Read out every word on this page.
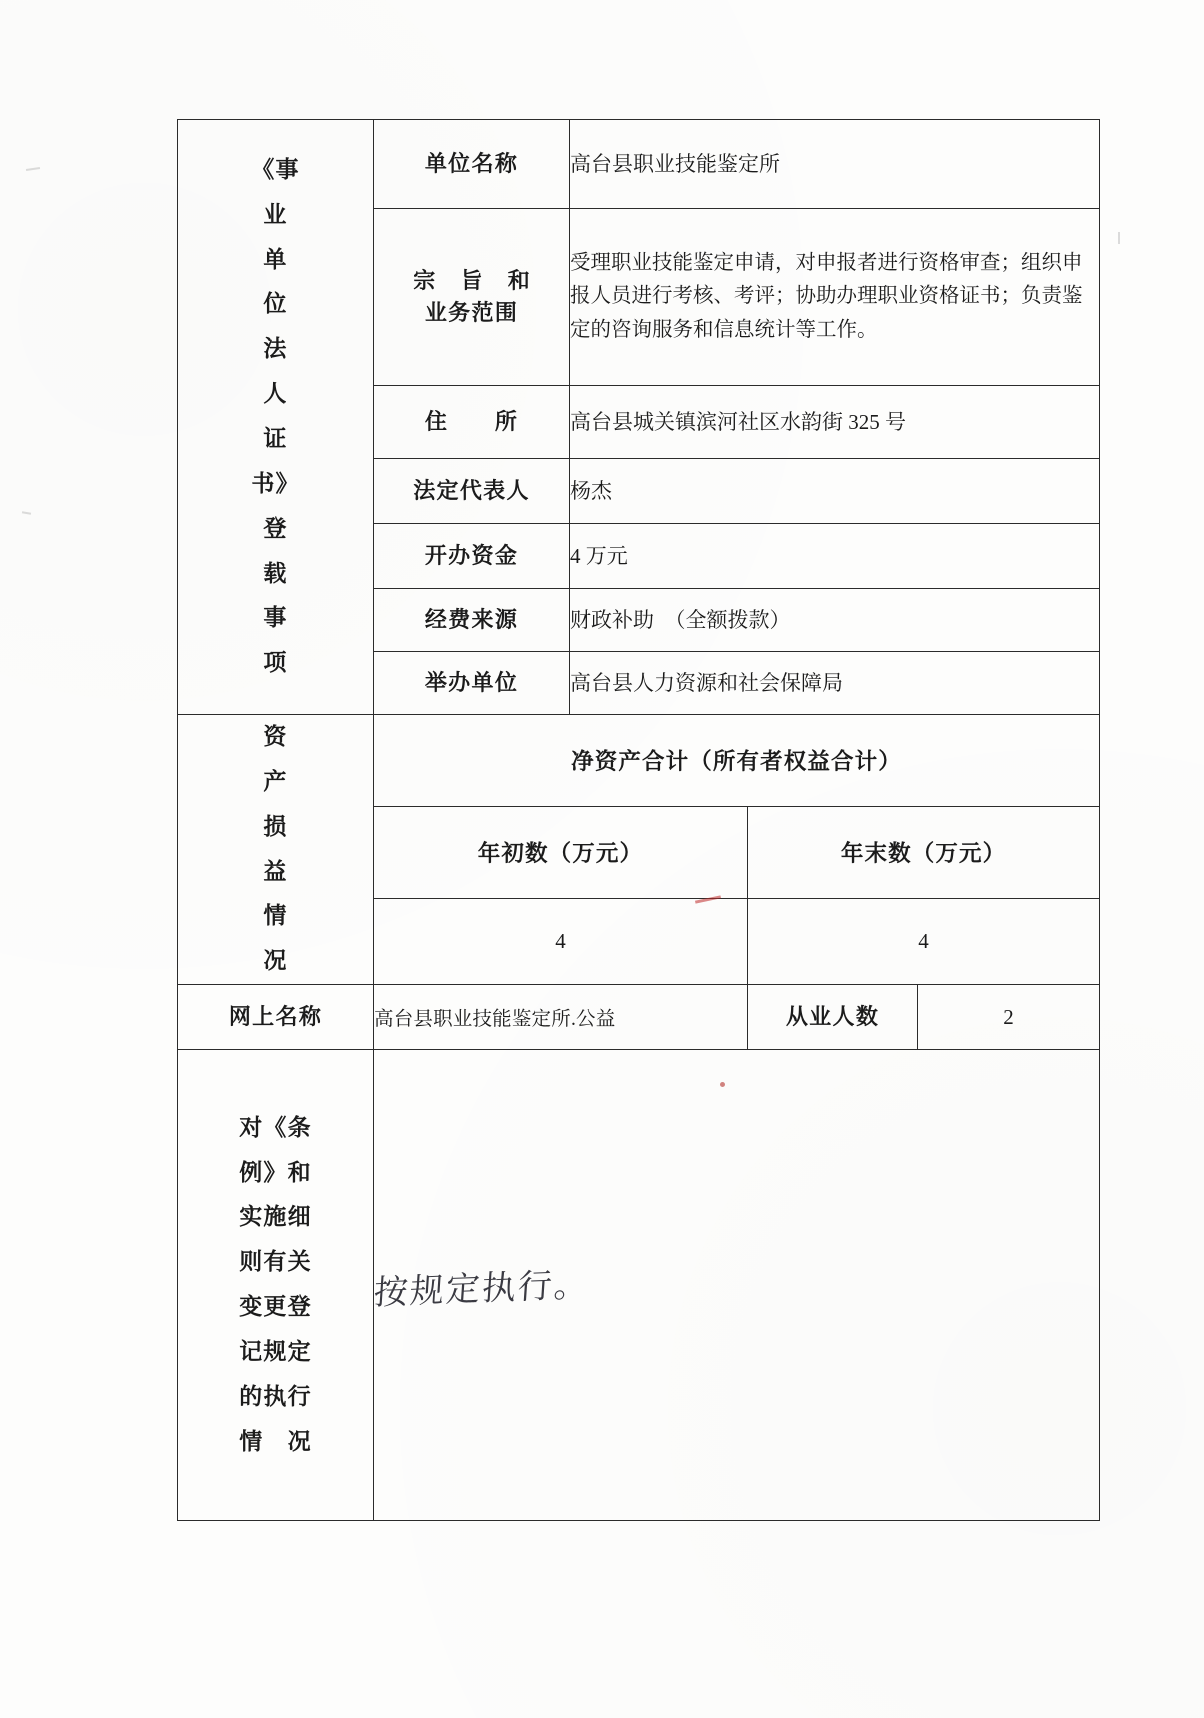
《事
业
单
位
法
人
证
书》
登
载
事
项
	单位名称	高台县职业技能鉴定所

	宗 旨 和
业务范围	受理职业技能鉴定申请，对申报者进行资格审查；组织申报人员进行考核、考评；协助办理职业资格证书；负责鉴定的咨询服务和信息统计等工作。		
	住　　所	高台县城关镇滨河社区水韵街 325 号		
	法定代表人	杨杰		
	开办资金	4 万元		
	经费来源	财政补助　（全额拨款）		
	举办单位	高台县人力资源和社会保障局		

资
产
损
益
情
况
	净资产合计（所有者权益合计）
	年初数（万元）		年末数（万元）	
	4		4	
网上名称	高台县职业技能鉴定所.公益		从业人数	2

对《条
例》和
实施细
则有关
变更登
记规定
的执行
情　况
	按规定执行。
